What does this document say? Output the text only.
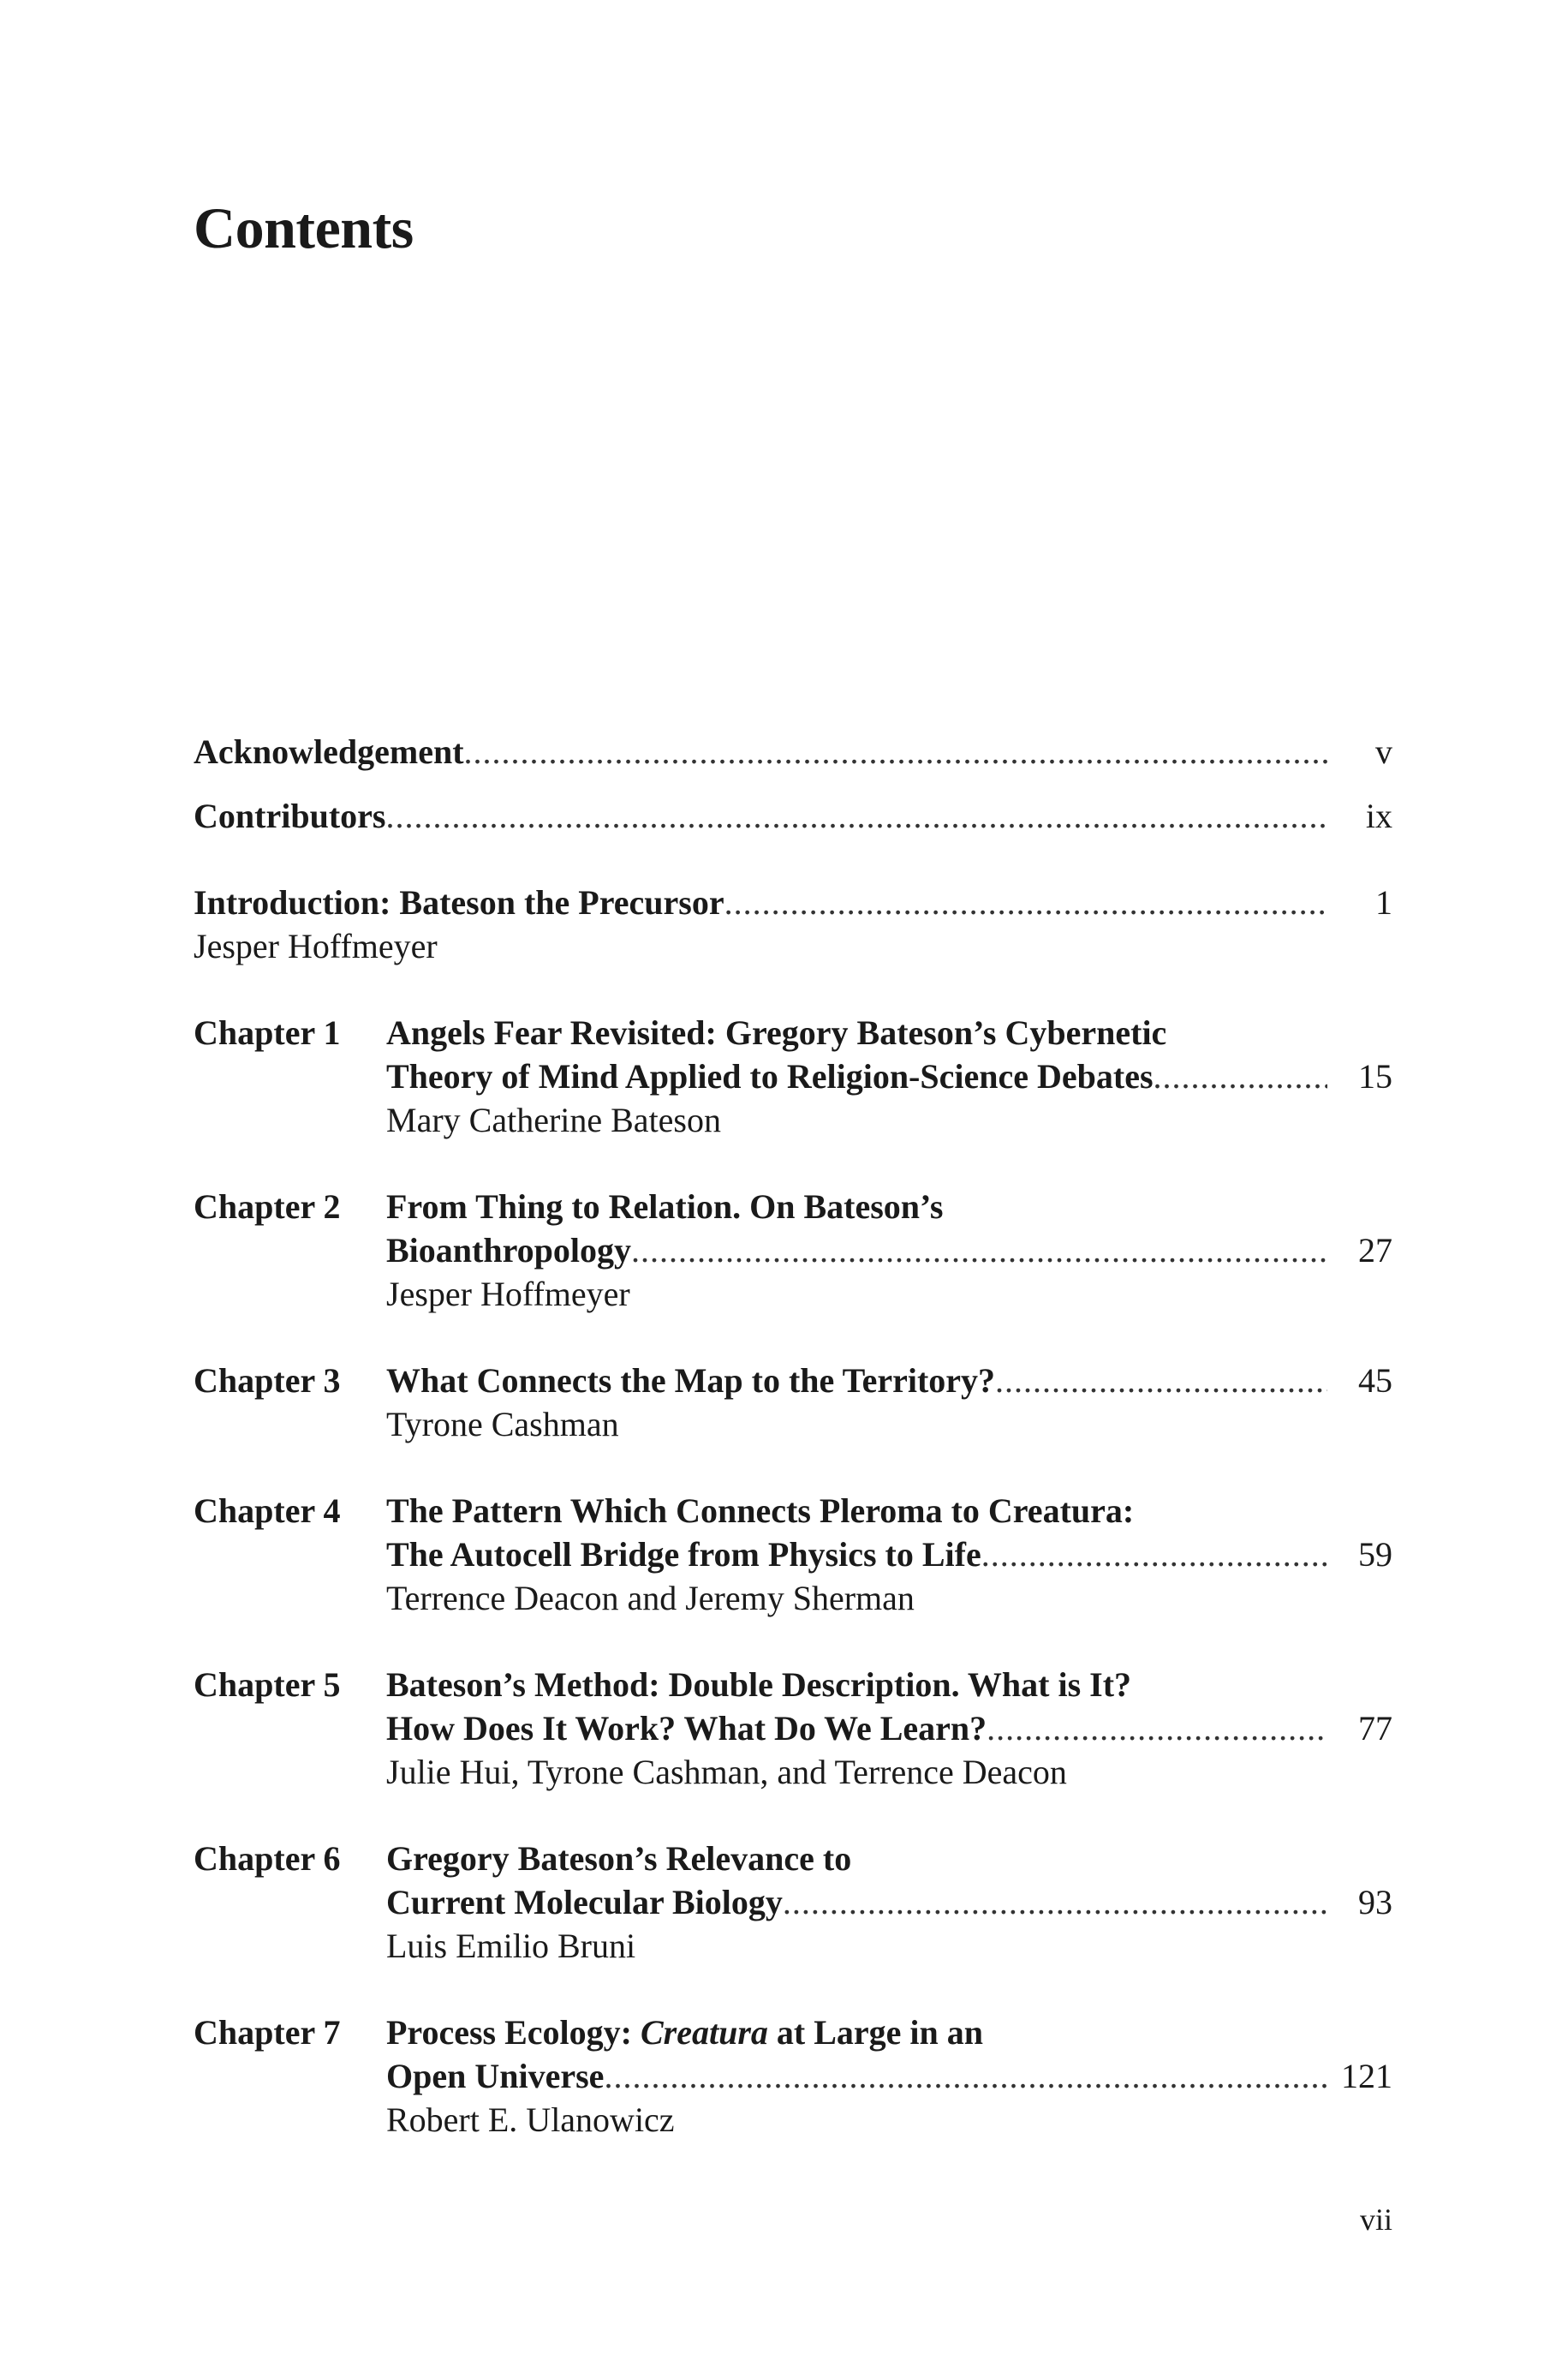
Contents
Acknowledgement .....	v
Contributors .....	ix
Introduction: Bateson the Precursor .....	1
Jesper Hoffmeyer
Chapter 1	Angels Fear Revisited: Gregory Bateson’s Cybernetic
Theory of Mind Applied to Religion-Science Debates .....	15
Mary Catherine Bateson
Chapter 2	From Thing to Relation. On Bateson’s
Bioanthropology .....	27
Jesper Hoffmeyer
Chapter 3	What Connects the Map to the Territory? .....	45
Tyrone Cashman
Chapter 4	The Pattern Which Connects Pleroma to Creatura:
The Autocell Bridge from Physics to Life .....	59
Terrence Deacon and Jeremy Sherman
Chapter 5	Bateson’s Method: Double Description. What is It?
How Does It Work? What Do We Learn? .....	77
Julie Hui, Tyrone Cashman, and Terrence Deacon
Chapter 6	Gregory Bateson’s Relevance to
Current Molecular Biology .....	93
Luis Emilio Bruni
Chapter 7	Process Ecology: Creatura at Large in an
Open Universe .....	121
Robert E. Ulanowicz
vii
